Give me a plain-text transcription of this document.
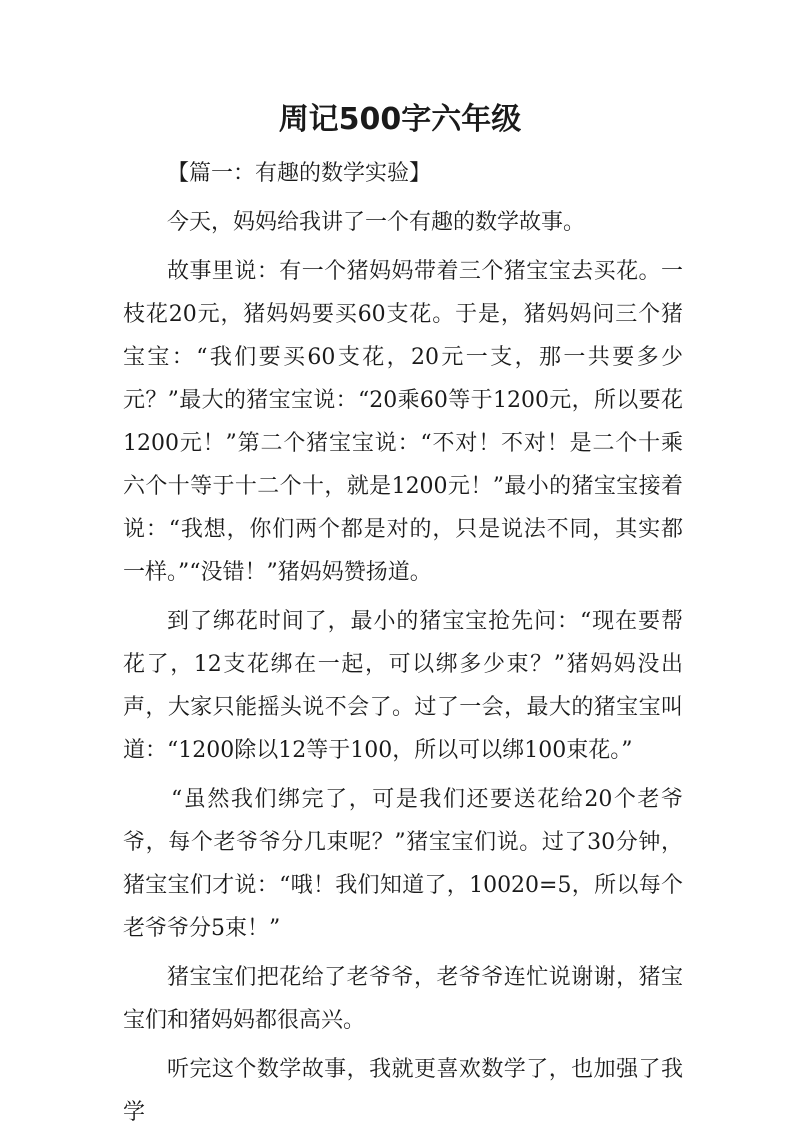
周记500字六年级

【篇一：有趣的数学实验】

今天，妈妈给我讲了一个有趣的数学故事。

故事里说：有一个猪妈妈带着三个猪宝宝去买花。一枝花20元，猪妈妈要买60支花。于是，猪妈妈问三个猪宝宝：“我们要买60支花，20元一支，那一共要多少元？”最大的猪宝宝说：“20乘60等于1200元，所以要花1200元！”第二个猪宝宝说：“不对！不对！是二个十乘六个十等于十二个十，就是1200元！”最小的猪宝宝接着说：“我想，你们两个都是对的，只是说法不同，其实都一样。”“没错！”猪妈妈赞扬道。

到了绑花时间了，最小的猪宝宝抢先问：“现在要帮花了，12支花绑在一起，可以绑多少束？”猪妈妈没出声，大家只能摇头说不会了。过了一会，最大的猪宝宝叫道：“1200除以12等于100，所以可以绑100束花。”

“虽然我们绑完了，可是我们还要送花给20个老爷爷，每个老爷爷分几束呢？”猪宝宝们说。过了30分钟，猪宝宝们才说：“哦！我们知道了，10020=5，所以每个老爷爷分5束！”

猪宝宝们把花给了老爷爷，老爷爷连忙说谢谢，猪宝宝们和猪妈妈都很高兴。

听完这个数学故事，我就更喜欢数学了，也加强了我学
